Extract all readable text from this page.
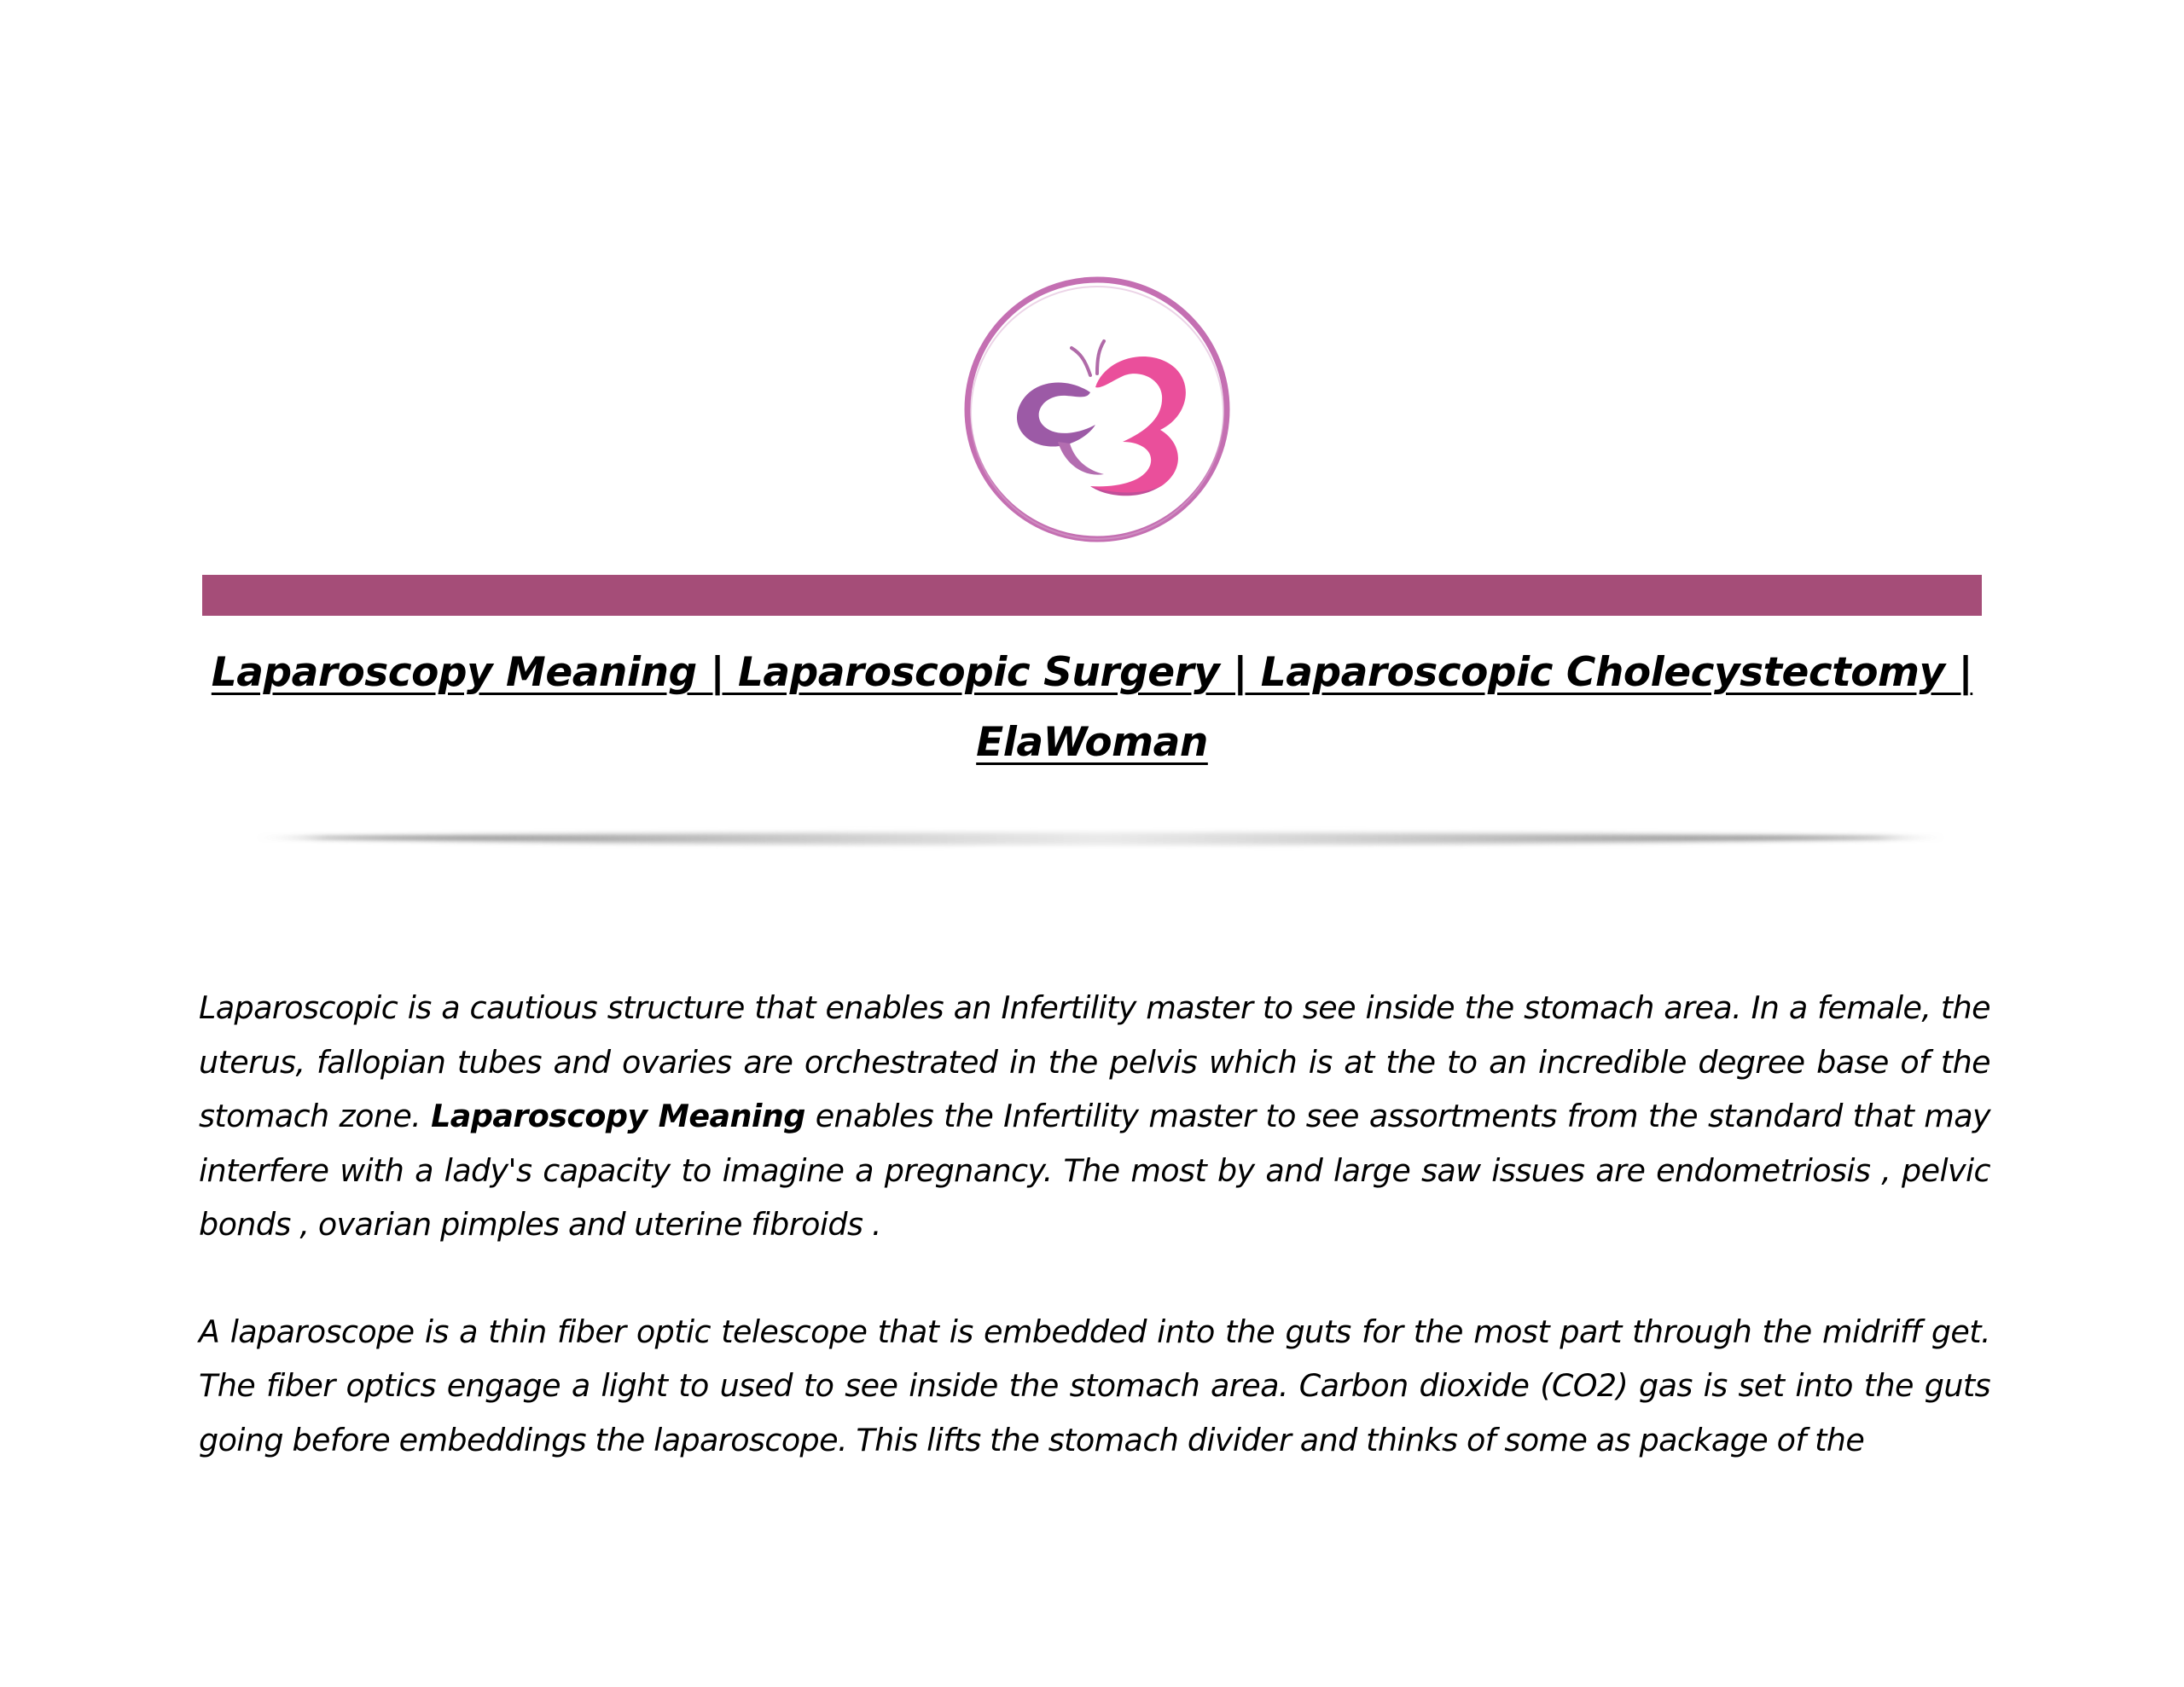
Laparoscopy Meaning | Laparoscopic Surgery | Laparoscopic Cholecystectomy |
ElaWoman

Laparoscopic is a cautious structure that enables an Infertility master to see inside the stomach area. In a female, the uterus, fallopian tubes and ovaries are orchestrated in the pelvis which is at the to an incredible degree base of the stomach zone. Laparoscopy Meaning enables the Infertility master to see assortments from the standard that may interfere with a lady's capacity to imagine a pregnancy. The most by and large saw issues are endometriosis , pelvic bonds , ovarian pimples and uterine fibroids .

A laparoscope is a thin fiber optic telescope that is embedded into the guts for the most part through the midriff get. The fiber optics engage a light to used to see inside the stomach area. Carbon dioxide (CO2) gas is set into the guts going before embeddings the laparoscope. This lifts the stomach divider and thinks of some as package of the
